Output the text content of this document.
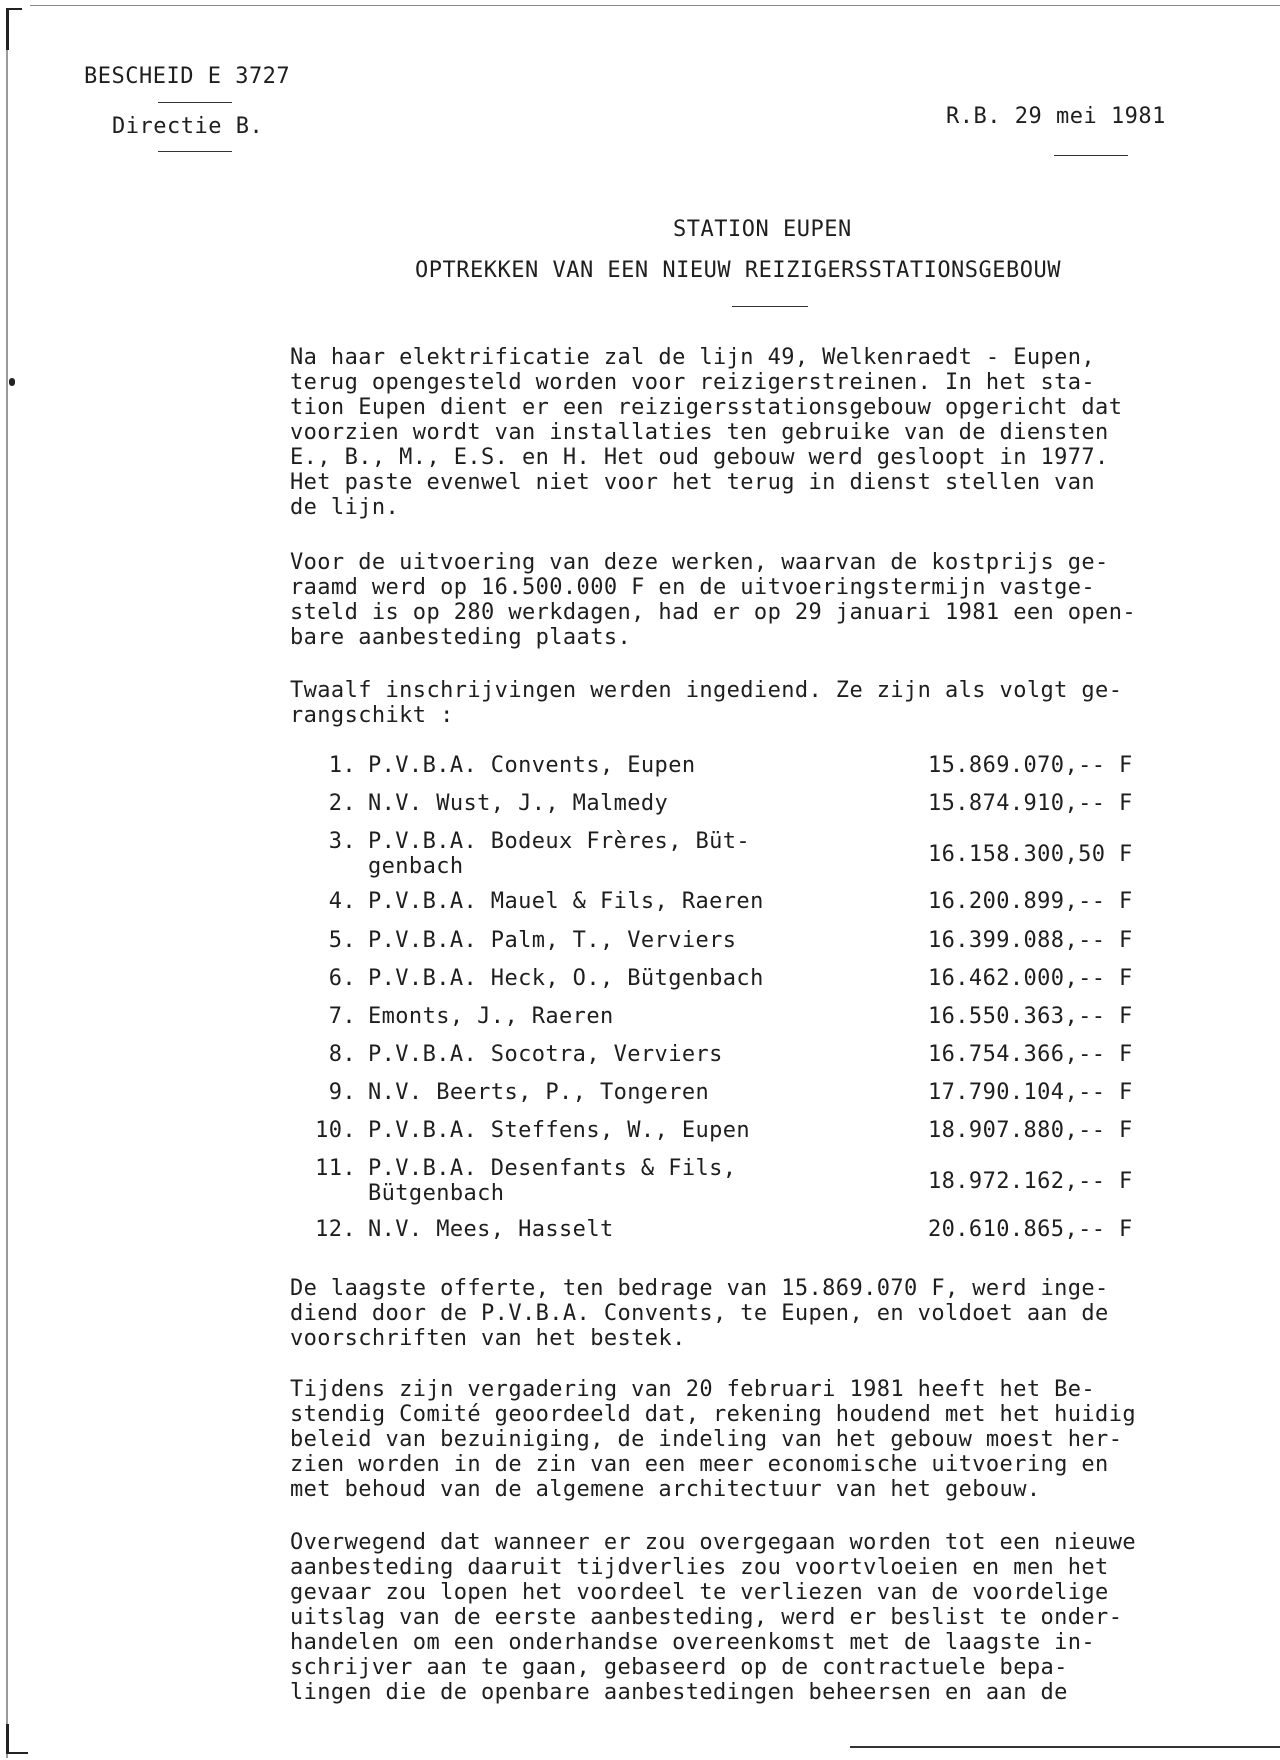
BESCHEID E 3727
Directie B.	R.B. 29 mei 1981
STATION EUPEN
OPTREKKEN VAN EEN NIEUW REIZIGERSSTATIONSGEBOUW
Na haar elektrificatie zal de lijn 49, Welkenraedt - Eupen,
terug opengesteld worden voor reizigerstreinen. In het sta-
tion Eupen dient er een reizigersstationsgebouw opgericht dat
voorzien wordt van installaties ten gebruike van de diensten
E., B., M., E.S. en H. Het oud gebouw werd gesloopt in 1977.
Het paste evenwel niet voor het terug in dienst stellen van
de lijn.
Voor de uitvoering van deze werken, waarvan de kostprijs ge-
raamd werd op 16.500.000 F en de uitvoeringstermijn vastge-
steld is op 280 werkdagen, had er op 29 januari 1981 een open-
bare aanbesteding plaats.
Twaalf inschrijvingen werden ingediend. Ze zijn als volgt ge-
rangschikt :
1. P.V.B.A. Convents, Eupen	15.869.070,-- F
2. N.V. Wust, J., Malmedy	15.874.910,-- F
3. P.V.B.A. Bodeux Frères, Büt- genbach	16.158.300,50 F
4. P.V.B.A. Mauel & Fils, Raeren	16.200.899,-- F
5. P.V.B.A. Palm, T., Verviers	16.399.088,-- F
6. P.V.B.A. Heck, O., Bütgenbach	16.462.000,-- F
7. Emonts, J., Raeren	16.550.363,-- F
8. P.V.B.A. Socotra, Verviers	16.754.366,-- F
9. N.V. Beerts, P., Tongeren	17.790.104,-- F
10. P.V.B.A. Steffens, W., Eupen	18.907.880,-- F
11. P.V.B.A. Desenfants & Fils, Bütgenbach	18.972.162,-- F
12. N.V. Mees, Hasselt	20.610.865,-- F
De laagste offerte, ten bedrage van 15.869.070 F, werd inge-
diend door de P.V.B.A. Convents, te Eupen, en voldoet aan de
voorschriften van het bestek.
Tijdens zijn vergadering van 20 februari 1981 heeft het Be-
stendig Comité geoordeeld dat, rekening houdend met het huidig
beleid van bezuiniging, de indeling van het gebouw moest her-
zien worden in de zin van een meer economische uitvoering en
met behoud van de algemene architectuur van het gebouw.
Overwegend dat wanneer er zou overgegaan worden tot een nieuwe
aanbesteding daaruit tijdverlies zou voortvloeien en men het
gevaar zou lopen het voordeel te verliezen van de voordelige
uitslag van de eerste aanbesteding, werd er beslist te onder-
handelen om een onderhandse overeenkomst met de laagste in-
schrijver aan te gaan, gebaseerd op de contractuele bepa-
lingen die de openbare aanbestedingen beheersen en aan de
